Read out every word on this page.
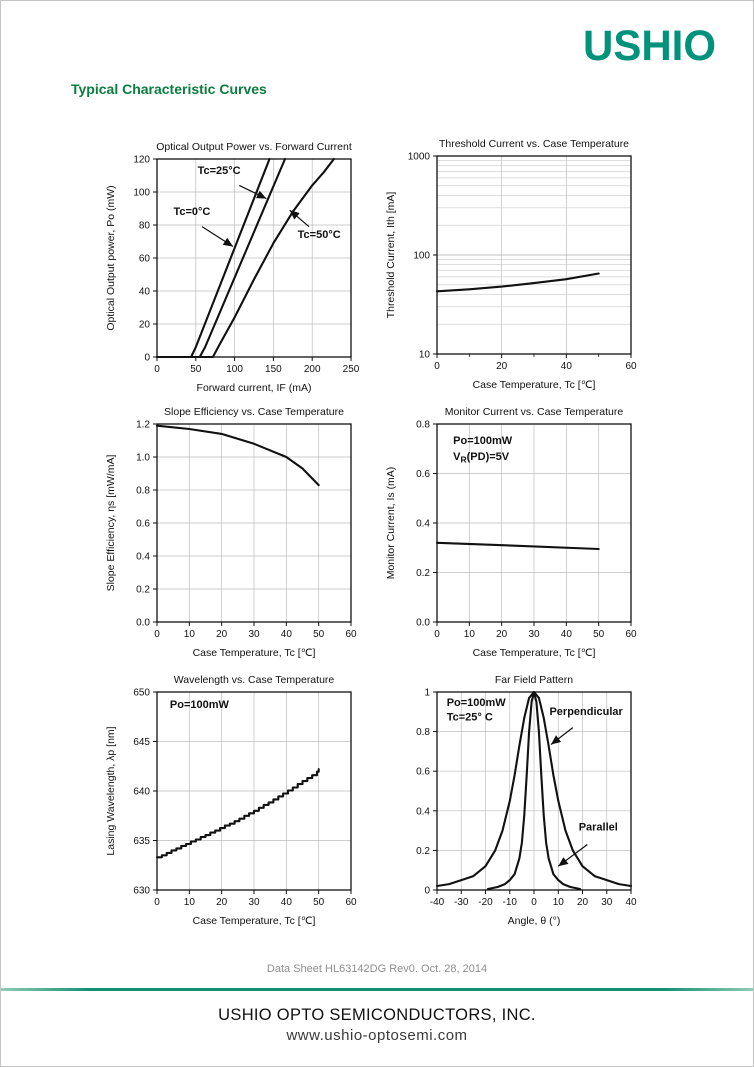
USHIO
Typical Characteristic Curves
0	50 100 150 200 250
0
20
40
60
80
100
120
Optical Output Power vs. Forward Current
Forward current, IF (mA)
Optical Output power, Po (mW)
Tc=25°C
Tc=0°C
Tc=50°C
0	20	40	60
10
100
1000
Threshold Current vs. Case Temperature
Case Temperature, Tc [℃]
Threshold Current, Ith [mA]
0 10 20 30 40 50 60
0.0
0.2
0.4
0.6
0.8
1.0
1.2
Slope Efficiency vs. Case Temperature
Case Temperature, Tc [℃]
Slope Efficiency, ηs [mW/mA]
0 10 20 30 40 50 60
0.0
0.2
0.4
0.6
0.8
Monitor Current vs. Case Temperature
Case Temperature, Tc [℃]
Monitor Current, Is (mA)
Po=100mW
$V_R(PD)=5V$
0 10 20 30 40 50 60
630
635
640
645
650
Wavelength vs. Case Temperature
Case Temperature, Tc [℃]
Lasing Wavelength, λp [nm]
Po=100mW
-40 -30 -20 -10 0 10 20 30 40
0
0.2
0.4
0.6
0.8
1
Far Field Pattern
Angle, θ (°)
Po=100mW
Tc=25° C	Perpendicular
Parallel
Data Sheet HL63142DG Rev0. Oct. 28, 2014
USHIO OPTO SEMICONDUCTORS, INC.
www.ushio-optosemi.com
